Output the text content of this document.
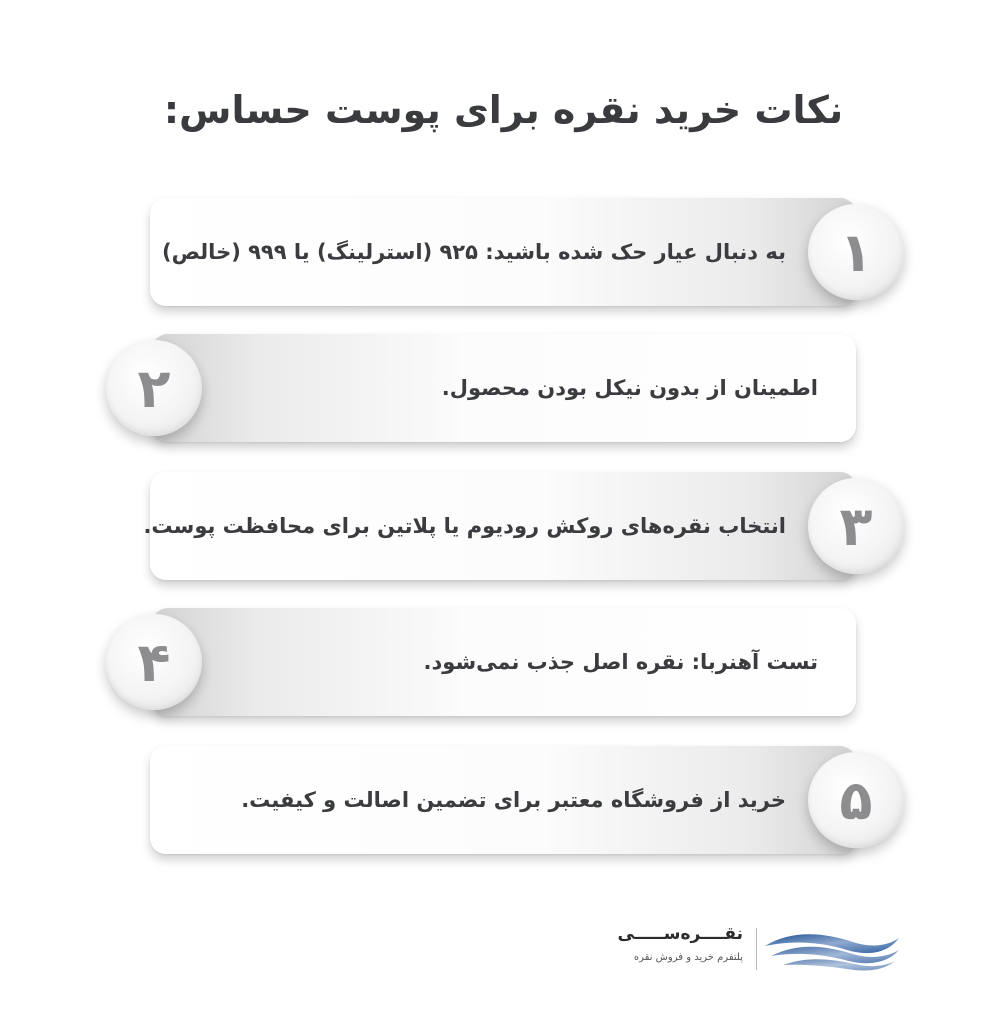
نکات خرید نقره برای پوست حساس:
به دنبال عیار حک شده باشید: ۹۲۵ (استرلینگ) یا ۹۹۹ (خالص) ۱
اطمینان از بدون نیکل بودن محصول.
۲
انتخاب نقره‌های روکش رودیوم یا پلاتین برای محافظت پوست. ۳
تست آهنربا: نقره اصل جذب نمی‌شود.
۴
خرید از فروشگاه معتبر برای تضمین اصالت و کیفیت. ۵
نقــــره‌ســـــی
پلتفرم خرید و فروش نقره
